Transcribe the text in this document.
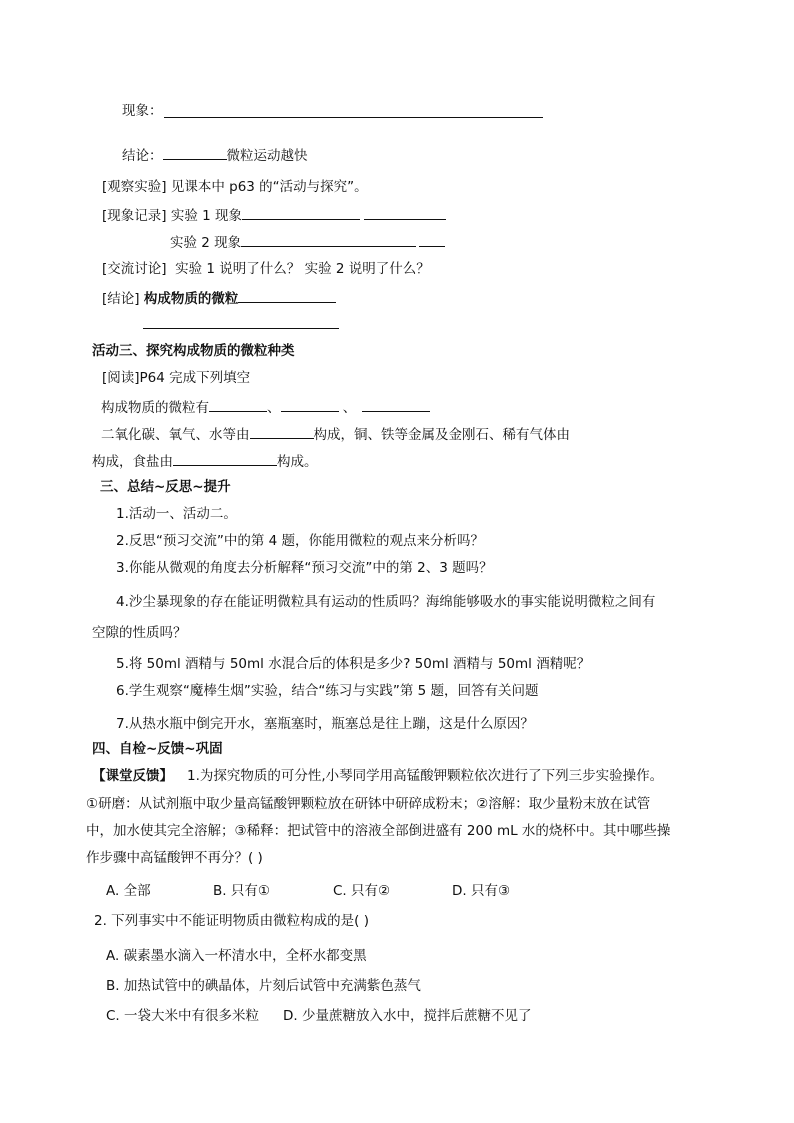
现象：
结论：	微粒运动越快
[观察实验] 见课本中 p63 的“活动与探究”。
[现象记录] 实验 1 现象
实验 2 现象
[交流讨论] 实验 1 说明了什么？ 实验 2 说明了什么？
[结论] 构成物质的微粒
活动三、探究构成物质的微粒种类
[阅读]P64 完成下列填空
构成物质的微粒有	、	、
二氧化碳、氧气、水等由	构成，铜、铁等金属及金刚石、稀有气体由
构成，食盐由	构成。
三、总结~反思~提升
1.活动一、活动二。
2.反思“预习交流”中的第 4 题，你能用微粒的观点来分析吗？
3.你能从微观的角度去分析解释“预习交流”中的第 2、3 题吗？
4.沙尘暴现象的存在能证明微粒具有运动的性质吗？海绵能够吸水的事实能说明微粒之间有
空隙的性质吗？
5.将 50ml 酒精与 50ml 水混合后的体积是多少? 50ml 酒精与 50ml 酒精呢？
6.学生观察“魔棒生烟”实验，结合“练习与实践”第 5 题，回答有关问题
7.从热水瓶中倒完开水，塞瓶塞时，瓶塞总是往上蹦，这是什么原因？
四、自检~反馈~巩固
【课堂反馈】 1.为探究物质的可分性,小琴同学用高锰酸钾颗粒依次进行了下列三步实验操作。
①研磨：从试剂瓶中取少量高锰酸钾颗粒放在研钵中研碎成粉末；②溶解：取少量粉末放在试管
中，加水使其完全溶解；③稀释：把试管中的溶液全部倒进盛有 200 mL 水的烧杯中。其中哪些操
作步骤中高锰酸钾不再分？( )
A. 全部	B. 只有①	C. 只有②	D. 只有③
2. 下列事实中不能证明物质由微粒构成的是( )
A. 碳素墨水滴入一杯清水中，全杯水都变黑
B. 加热试管中的碘晶体，片刻后试管中充满紫色蒸气
C. 一袋大米中有很多米粒 D. 少量蔗糖放入水中，搅拌后蔗糖不见了
